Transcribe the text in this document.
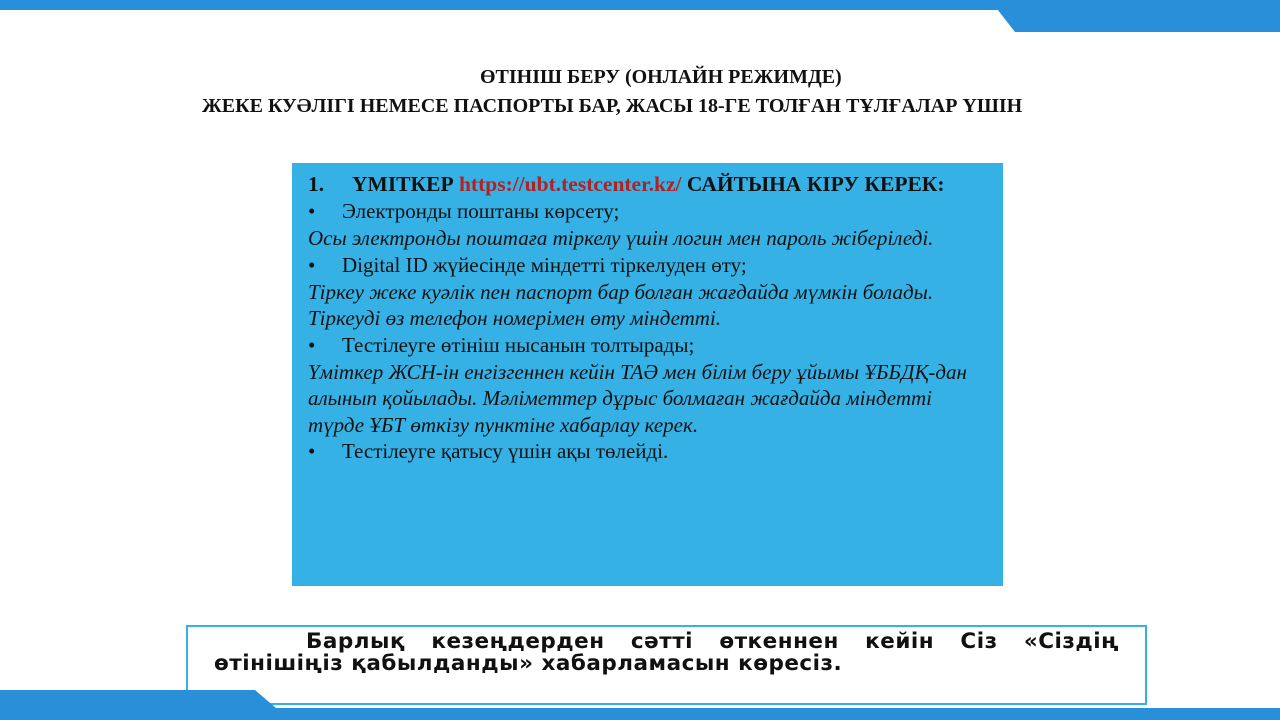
ӨТІНІШ БЕРУ (ОНЛАЙН РЕЖИМДЕ)
ЖЕКЕ КУӘЛІГІ НЕМЕСЕ ПАСПОРТЫ БАР, ЖАСЫ 18-ГЕ ТОЛҒАН ТҰЛҒАЛАР ҮШІН
1.	ҮМІТКЕР https://ubt.testcenter.kz/ САЙТЫНА КІРУ КЕРЕК:
•	Электронды поштаны көрсету;
Осы электронды поштаға тіркелу үшін логин мен пароль жіберіледі.
•	Digital ID жүйесінде міндетті тіркелуден өту;
Тіркеу жеке куәлік пен паспорт бар болған жағдайда мүмкін болады. Тіркеуді өз телефон номерімен өту міндетті.
•	Тестілеуге өтініш нысанын толтырады;
Үміткер ЖСН-ін енгізгеннен кейін ТАӘ мен білім беру ұйымы ҰББДҚ-дан алынып қойылады. Мәліметтер дұрыс болмаған жағдайда міндетті түрде ҰБТ өткізу пунктіне хабарлау керек.
•	Тестілеуге қатысу үшін ақы төлейді.
Барлық кезеңдерден сәтті өткеннен кейін Сіз «Сіздің өтінішіңіз қабылданды» хабарламасын көресіз.
